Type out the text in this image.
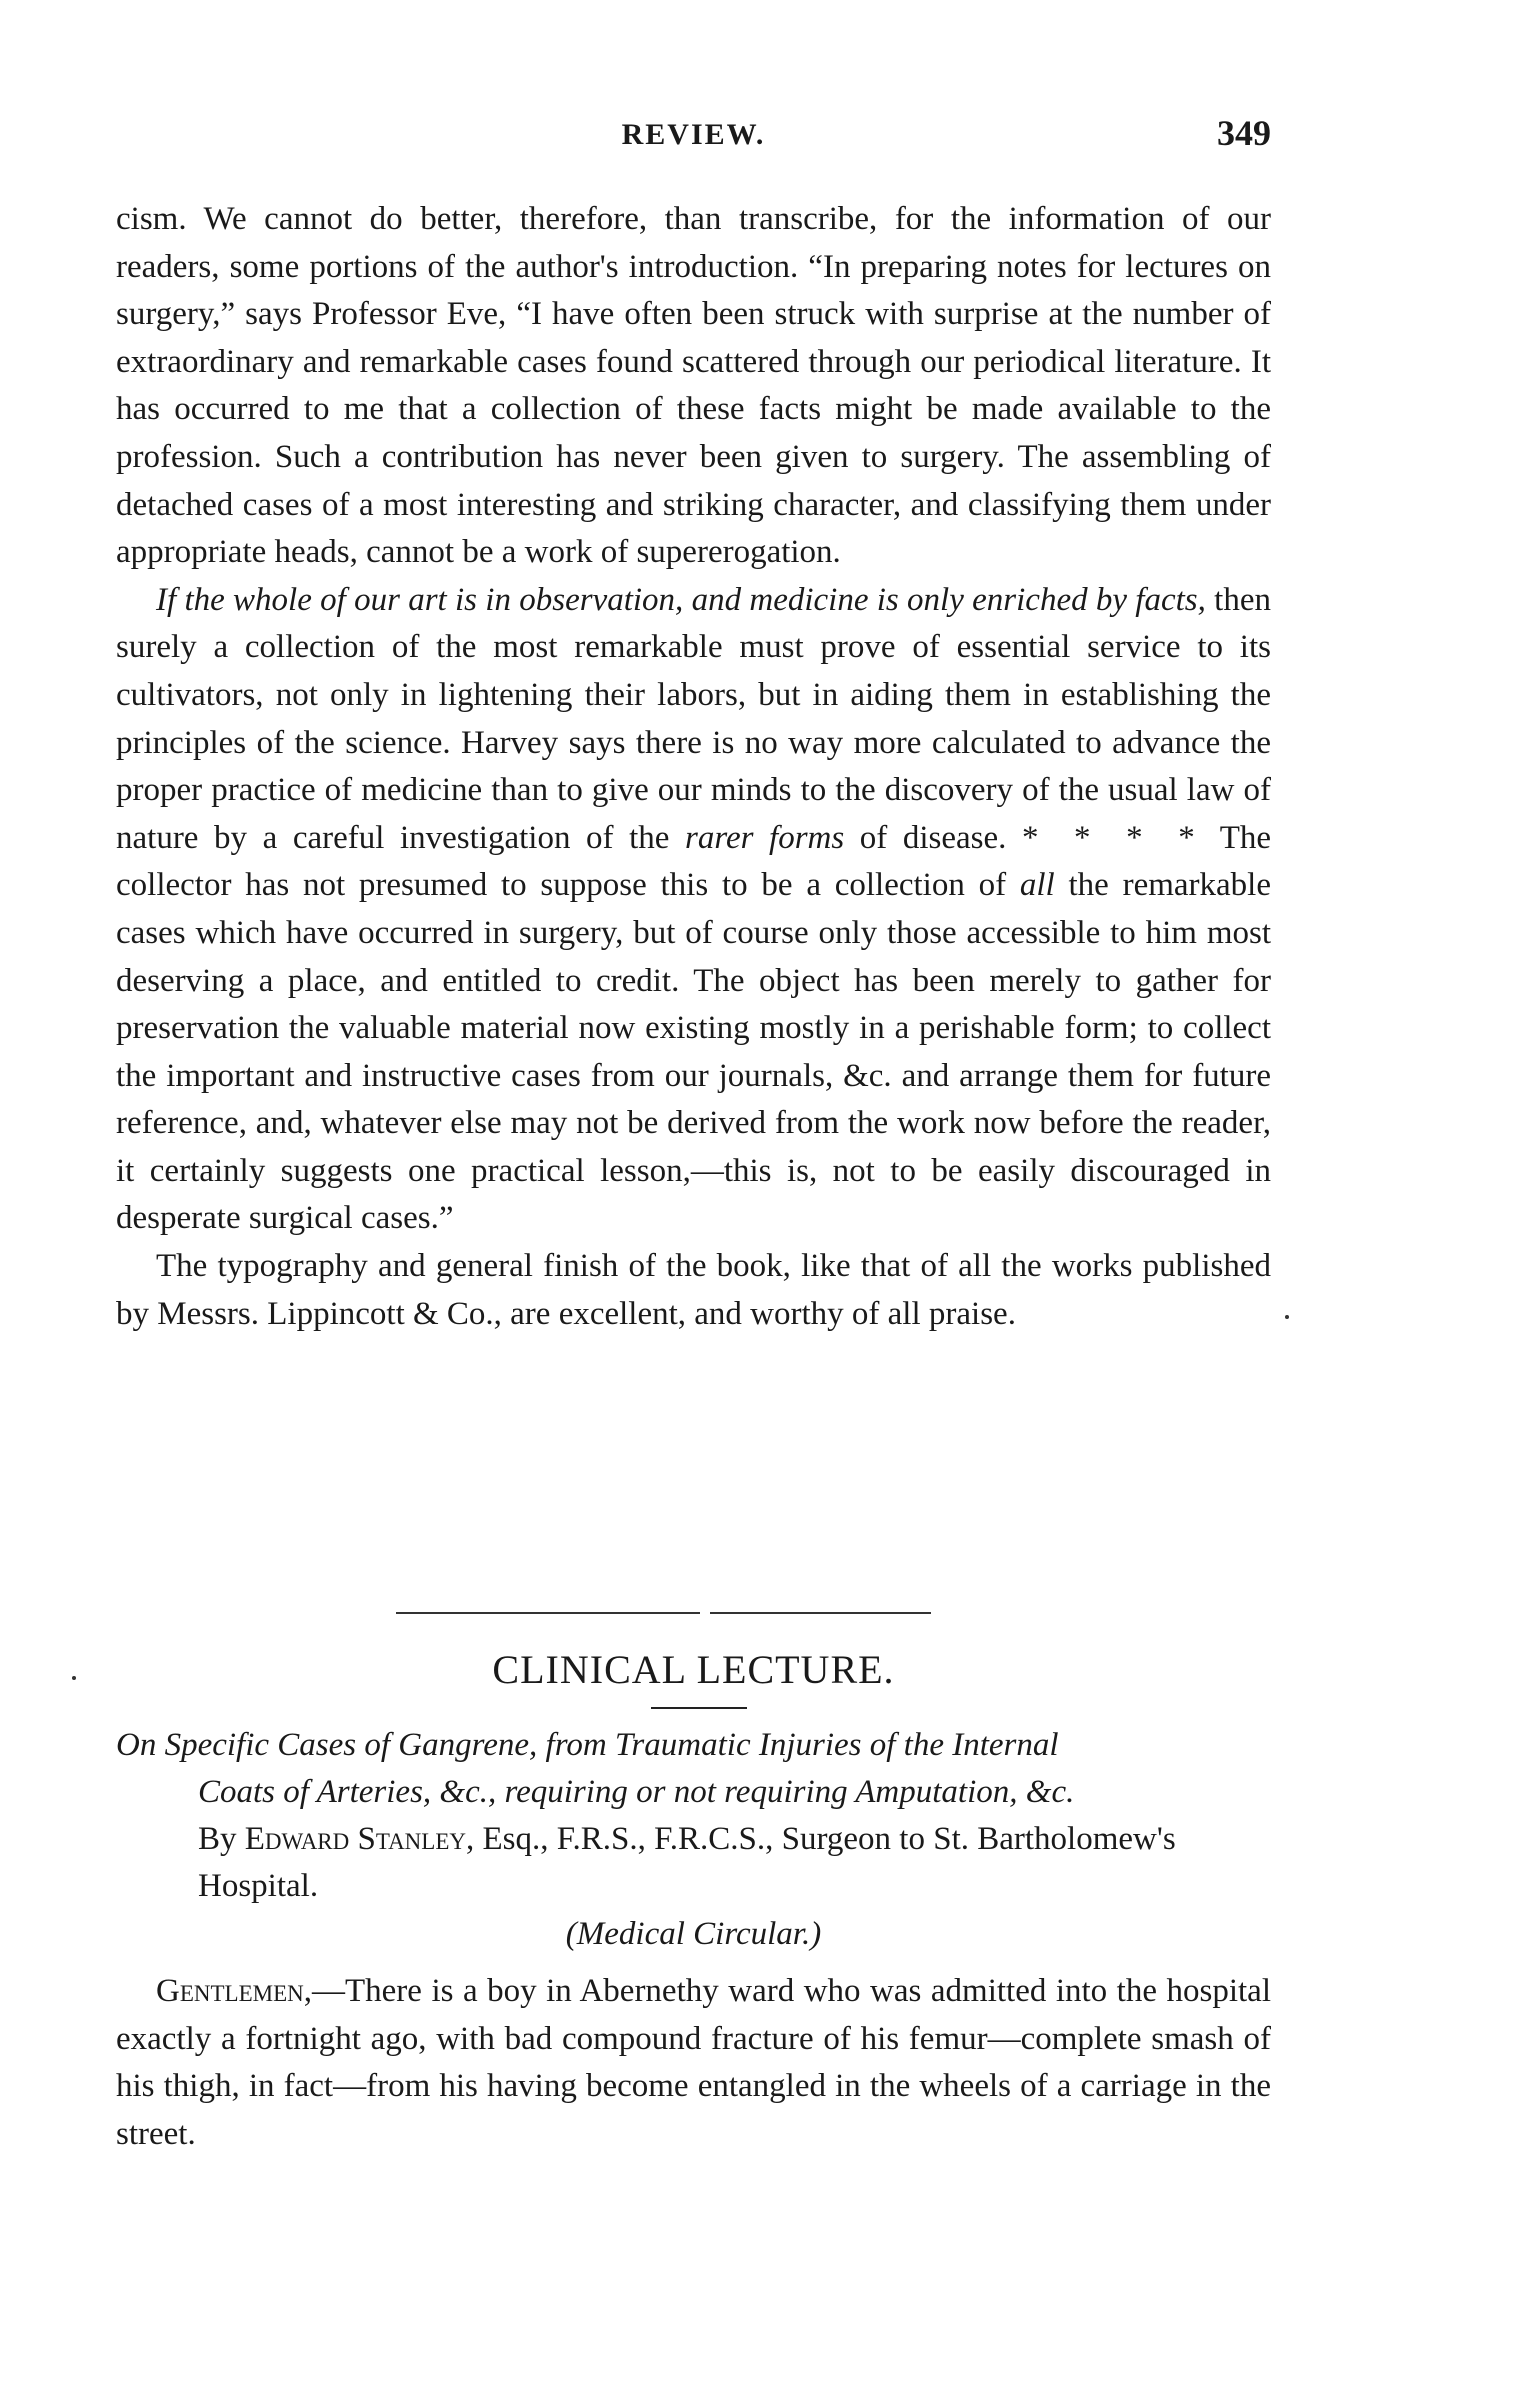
REVIEW.	349

cism. We cannot do better, therefore, than transcribe, for the information of our readers, some portions of the author's introduction. “In preparing notes for lectures on surgery,” says Professor Eve, “I have often been struck with surprise at the number of extraordinary and remarkable cases found scattered through our periodical literature. It has occurred to me that a collection of these facts might be made available to the profession. Such a contribution has never been given to surgery. The assembling of detached cases of a most interesting and striking character, and classifying them under appropriate heads, cannot be a work of supererogation.

If the whole of our art is in observation, and medicine is only enriched by facts, then surely a collection of the most remarkable must prove of essential service to its cultivators, not only in lightening their labors, but in aiding them in establishing the principles of the science. Harvey says there is no way more calculated to advance the proper practice of medicine than to give our minds to the discovery of the usual law of nature by a careful investigation of the rarer forms of disease. * * * * The collector has not presumed to suppose this to be a collection of all the remarkable cases which have occurred in surgery, but of course only those accessible to him most deserving a place, and entitled to credit. The object has been merely to gather for preservation the valuable material now existing mostly in a perishable form; to collect the important and instructive cases from our journals, &c. and arrange them for future reference, and, whatever else may not be derived from the work now before the reader, it certainly suggests one practical lesson,—this is, not to be easily discouraged in desperate surgical cases.”

The typography and general finish of the book, like that of all the works published by Messrs. Lippincott & Co., are excellent, and worthy of all praise.

CLINICAL LECTURE.
On Specific Cases of Gangrene, from Traumatic Injuries of the Internal
Coats of Arteries, &c., requiring or not requiring Amputation, &c.
By Edward Stanley, Esq., F.R.S., F.R.C.S., Surgeon to St. Bartholomew's Hospital.
(Medical Circular.)

Gentlemen,—There is a boy in Abernethy ward who was admitted into the hospital exactly a fortnight ago, with bad compound fracture of his femur—complete smash of his thigh, in fact—from his having become entangled in the wheels of a carriage in the street.
